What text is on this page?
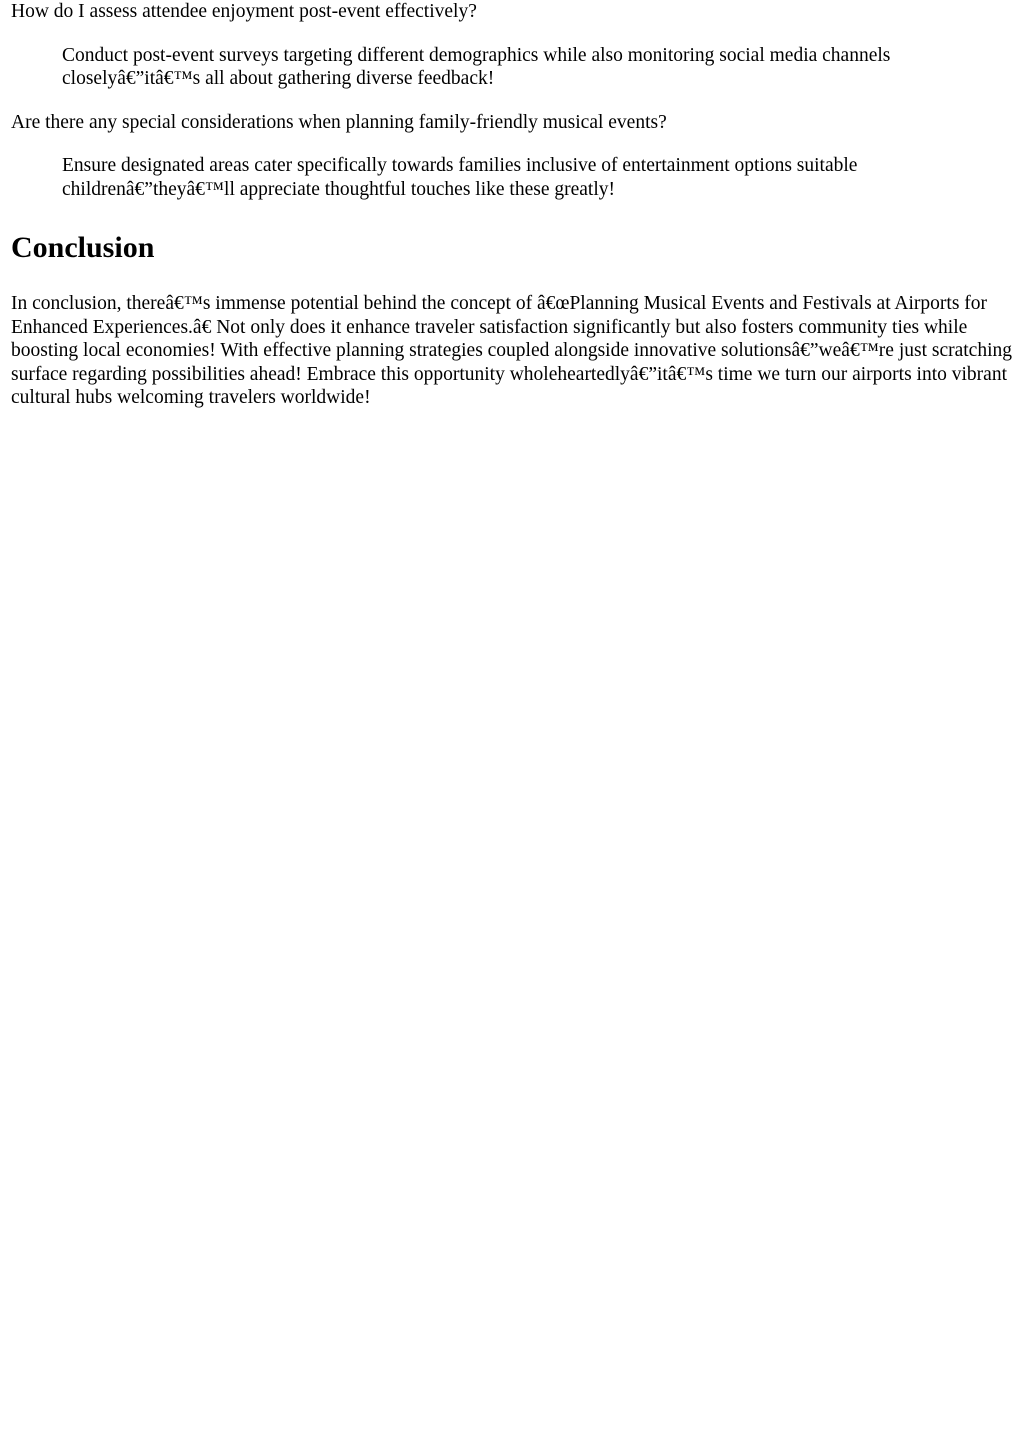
How do I assess attendee enjoyment post-event effectively?
Conduct post-event surveys targeting different demographics while also monitoring social media channels closelyâ€”itâ€™s all about gathering diverse feedback!
Are there any special considerations when planning family-friendly musical events?
Ensure designated areas cater specifically towards families inclusive of entertainment options suitable childrenâ€”theyâ€™ll appreciate thoughtful touches like these greatly!
Conclusion

In conclusion, thereâ€™s immense potential behind the concept of â€œPlanning Musical Events and Festivals at Airports for Enhanced Experiences.â€ Not only does it enhance traveler satisfaction significantly but also fosters community ties while boosting local economies! With effective planning strategies coupled alongside innovative solutionsâ€”weâ€™re just scratching surface regarding possibilities ahead! Embrace this opportunity wholeheartedlyâ€”itâ€™s time we turn our airports into vibrant cultural hubs welcoming travelers worldwide!
